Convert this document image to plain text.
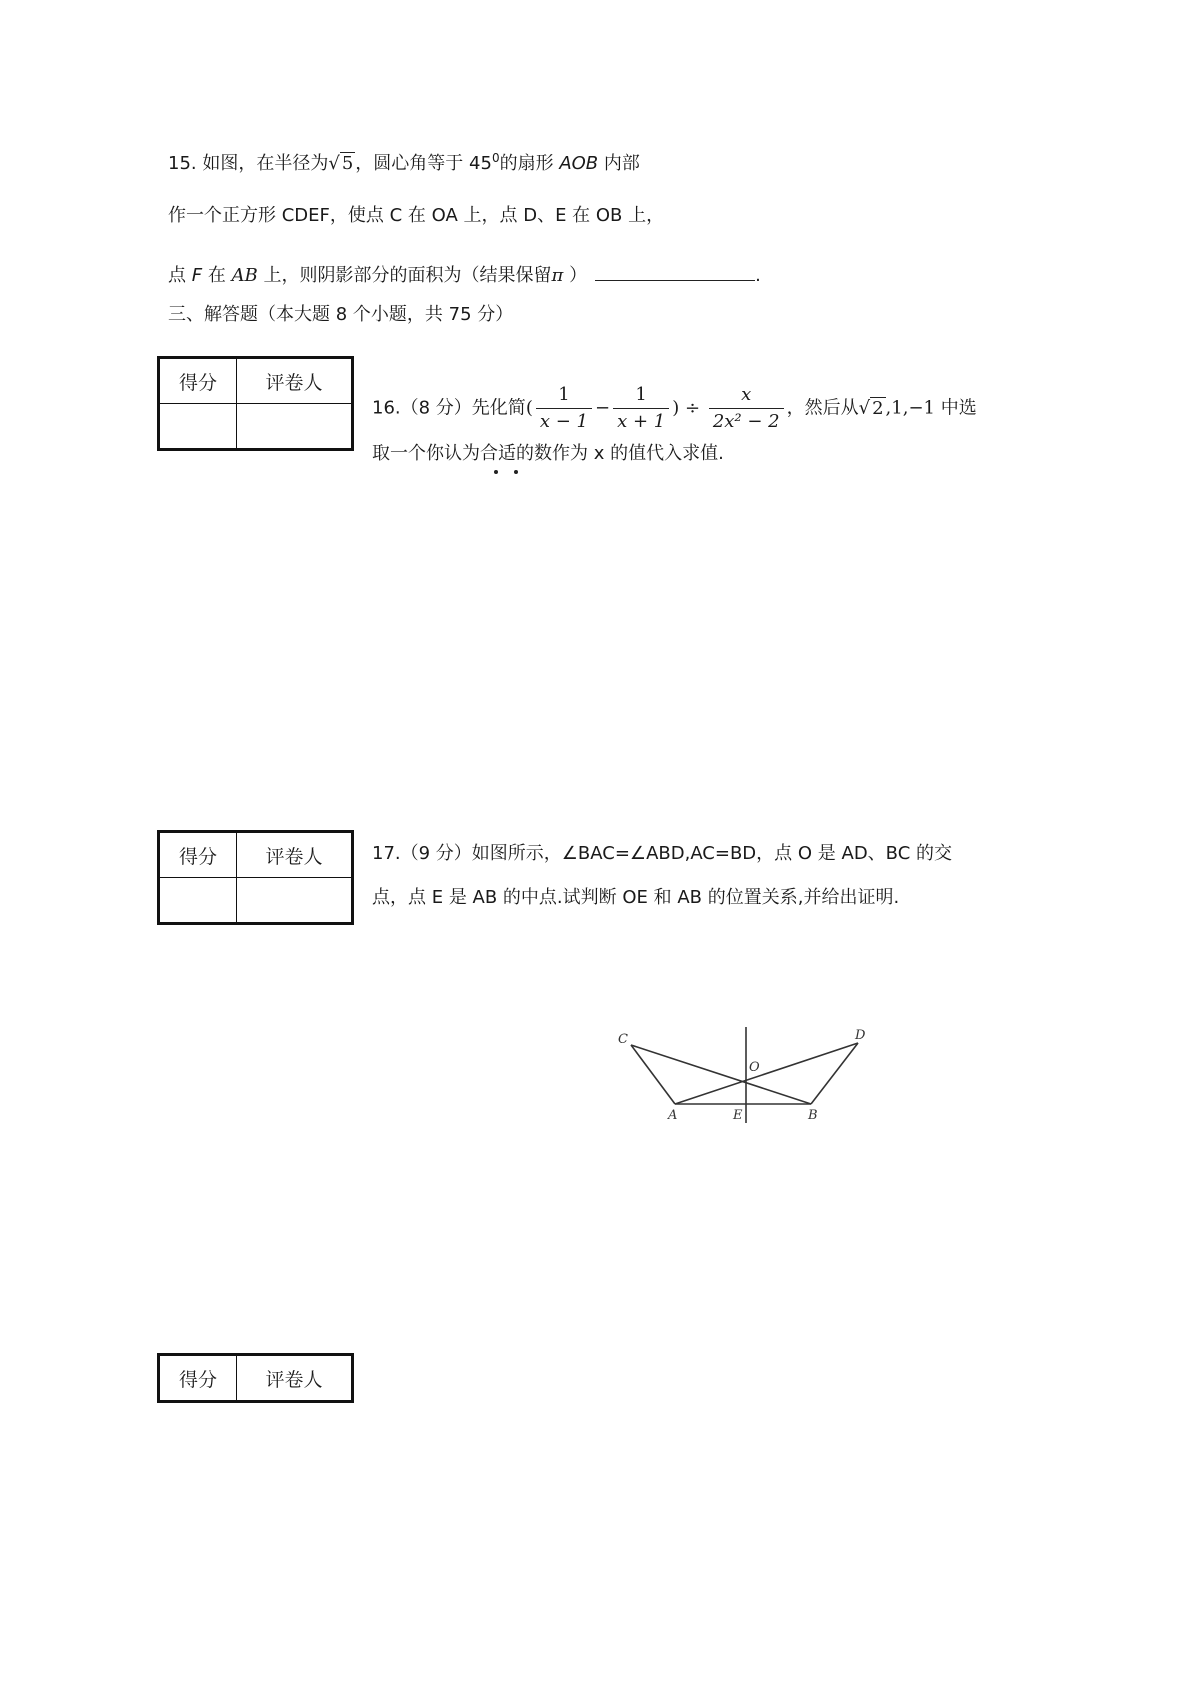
15. 如图，在半径为√ 5 ，圆心角等于 $45^0$的扇形 AOB 内部
作一个正方形 CDEF，使点 C 在 OA 上，点 D、E 在 OB 上，
点 F 在 AB 上，则阴影部分的面积为（结果保留π ）	.
三、解答题（本大题 8 个小题，共 75 分）
得分	评卷人

16.（8 分）先化简( $\frac{1}{x - 1} - \frac{1}{x + 1}$ ) ÷ $\frac{x}{\text{2x² − 2}}$ ，然后从√ 2 ,1,−1 中选
取一个你认为合适的数作为 x 的值代入求值.
得分	评卷人
		17.（9 分）如图所示，∠BAC=∠ABD,AC=BD，点 O 是 AD、BC 的交
点，点 E 是 AB 的中点.试判断 OE 和 AB 的位置关系,并给出证明.
C	D
O
A	E	B
得分	评卷人
